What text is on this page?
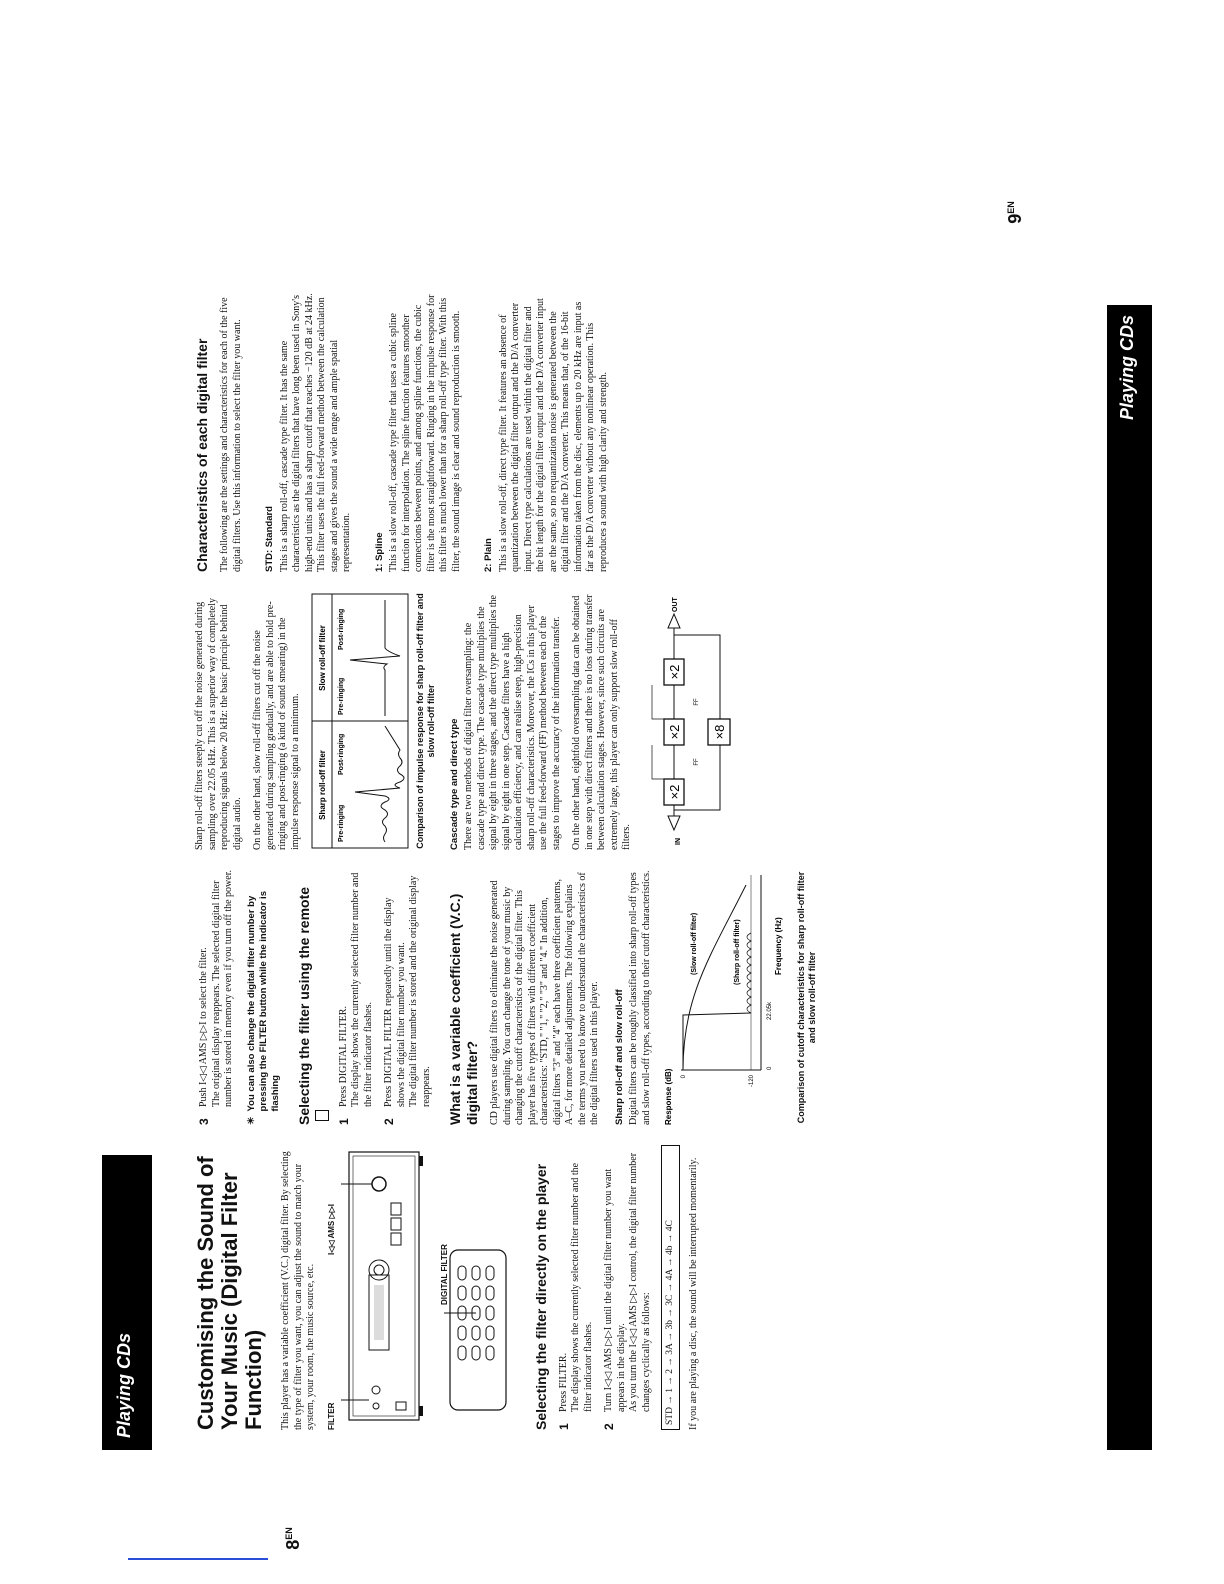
$8^{EN}$
$9^{EN}$
Playing CDs
Playing CDs
Customising the Sound of Your Music (Digital Filter Function) This player has a variable coefficient (V.C.) digital filter. By selecting the type of filter you want, you can adjust the sound to match your system, your room, the music source, etc. FILTER
I◁◁ AMS ▷▷I
DIGITAL FILTER	Selecting the filter directly on the player 1
Press FILTER. The display shows the currently selected filter number and the filter indicator flashes.
2
Turn I◁◁ AMS ▷▷I until the digital filter number you want appears in the display. As you turn the I◁◁ AMS ▷▷I control, the digital filter number changes cyclically as follows:	STD → 1 → 2 → 3A → 3b → 3C → 4A → 4b → 4C	If you are playing a disc, the sound will be interrupted momentarily.

3
Push I◁◁ AMS ▷▷I to select the filter. The original display reappears. The selected digital filter number is stored in memory even if you turn off the power.
☀
You can also change the digital filter number by pressing the FILTER button while the indicator is flashing Selecting the filter using the remote	1
Press DIGITAL FILTER. The display shows the currently selected filter number and the filter indicator flashes.
2
Press DIGITAL FILTER repeatedly until the display shows the digital filter number you want. The digital filter number is stored and the original display reappears. What is a variable coefficient (V.C.) digital filter? CD players use digital filters to eliminate the noise generated during sampling. You can change the tone of your music by changing the cutoff characteristics of the digital filter. This player has five types of filters with different coefficient characteristics: "STD," "1," "2," "3" and "4." In addition, digital filters "3" and "4" each have three coefficient patterns, A–C, for more detailed adjustments. The following explains the terms you need to know to understand the characteristics of the digital filters used in this player. Sharp roll-off and slow roll-off Digital filters can be roughly classified into sharp roll-off types and slow roll-off types, according to their cutoff characteristics. Response (dB) 0	-120
(Slow roll-off filter)	(Sharp roll-off filter)
0
22.05k
Frequency (Hz) Comparison of cutoff characteristics for sharp roll-off filter and slow roll-off filter

Sharp roll-off filters steeply cut off the noise generated during sampling over 22.05 kHz. This is a superior way of completely reproducing signals below 20 kHz: the basic principle behind digital audio. On the other hand, slow roll-off filters cut off the noise generated during sampling gradually, and are able to hold pre-ringing and post-ringing (a kind of sound smearing) in the impulse response signal to a minimum. Sharp roll-off filter
Slow roll-off filter
Pre-ringing
Post-ringing
Pre-ringing
Post-ringing	Comparison of impulse response for sharp roll-off filter and slow roll-off filter Cascade type and direct type There are two methods of digital filter oversampling: the cascade type and direct type. The cascade type multiplies the signal by eight in three stages, and the direct type multiplies the signal by eight in one step. Cascade filters have a high calculation efficiency, and can realise steep, high-precision sharp roll-off characteristics. Moreover, the ICs in this player use the full feed-forward (FF) method between each of the stages to improve the accuracy of the information transfer. On the other hand, eightfold oversampling data can be obtained in one step with direct filters and there is no loss during transfer between calculation stages. However, since such circuits are extremely large, this player can only support slow roll-off filters.	IN
×2
×2
×2
OUT
FF
FF
×8
Characteristics of each digital filter The following are the settings and characteristics for each of the five digital filters. Use this information to select the filter you want. STD: Standard This is a sharp roll-off, cascade type filter. It has the same characteristics as the digital filters that have long been used in Sony's high-end units and has a sharp cutoff that reaches −120 dB at 24 kHz. This filter uses the full feed-forward method between the calculation stages and gives the sound a wide range and ample spatial representation. 1: Spline This is a slow roll-off, cascade type filter that uses a cubic spline function for interpolation. The spline function features smoother connections between points, and among spline functions, the cubic filter is the most straightforward. Ringing in the impulse response for this filter is much lower than for a sharp roll-off type filter. With this filter, the sound image is clear and sound reproduction is smooth. 2: Plain This is a slow roll-off, direct type filter. It features an absence of quantization between the digital filter output and the D/A converter input. Direct type calculations are used within the digital filter and the bit length for the digital filter output and the D/A converter input are the same, so no requantization noise is generated between the digital filter and the D/A converter. This means that, of the 16-bit information taken from the disc, elements up to 20 kHz are input as far as the D/A converter without any nonlinear operation. This reproduces a sound with high clarity and strength.
